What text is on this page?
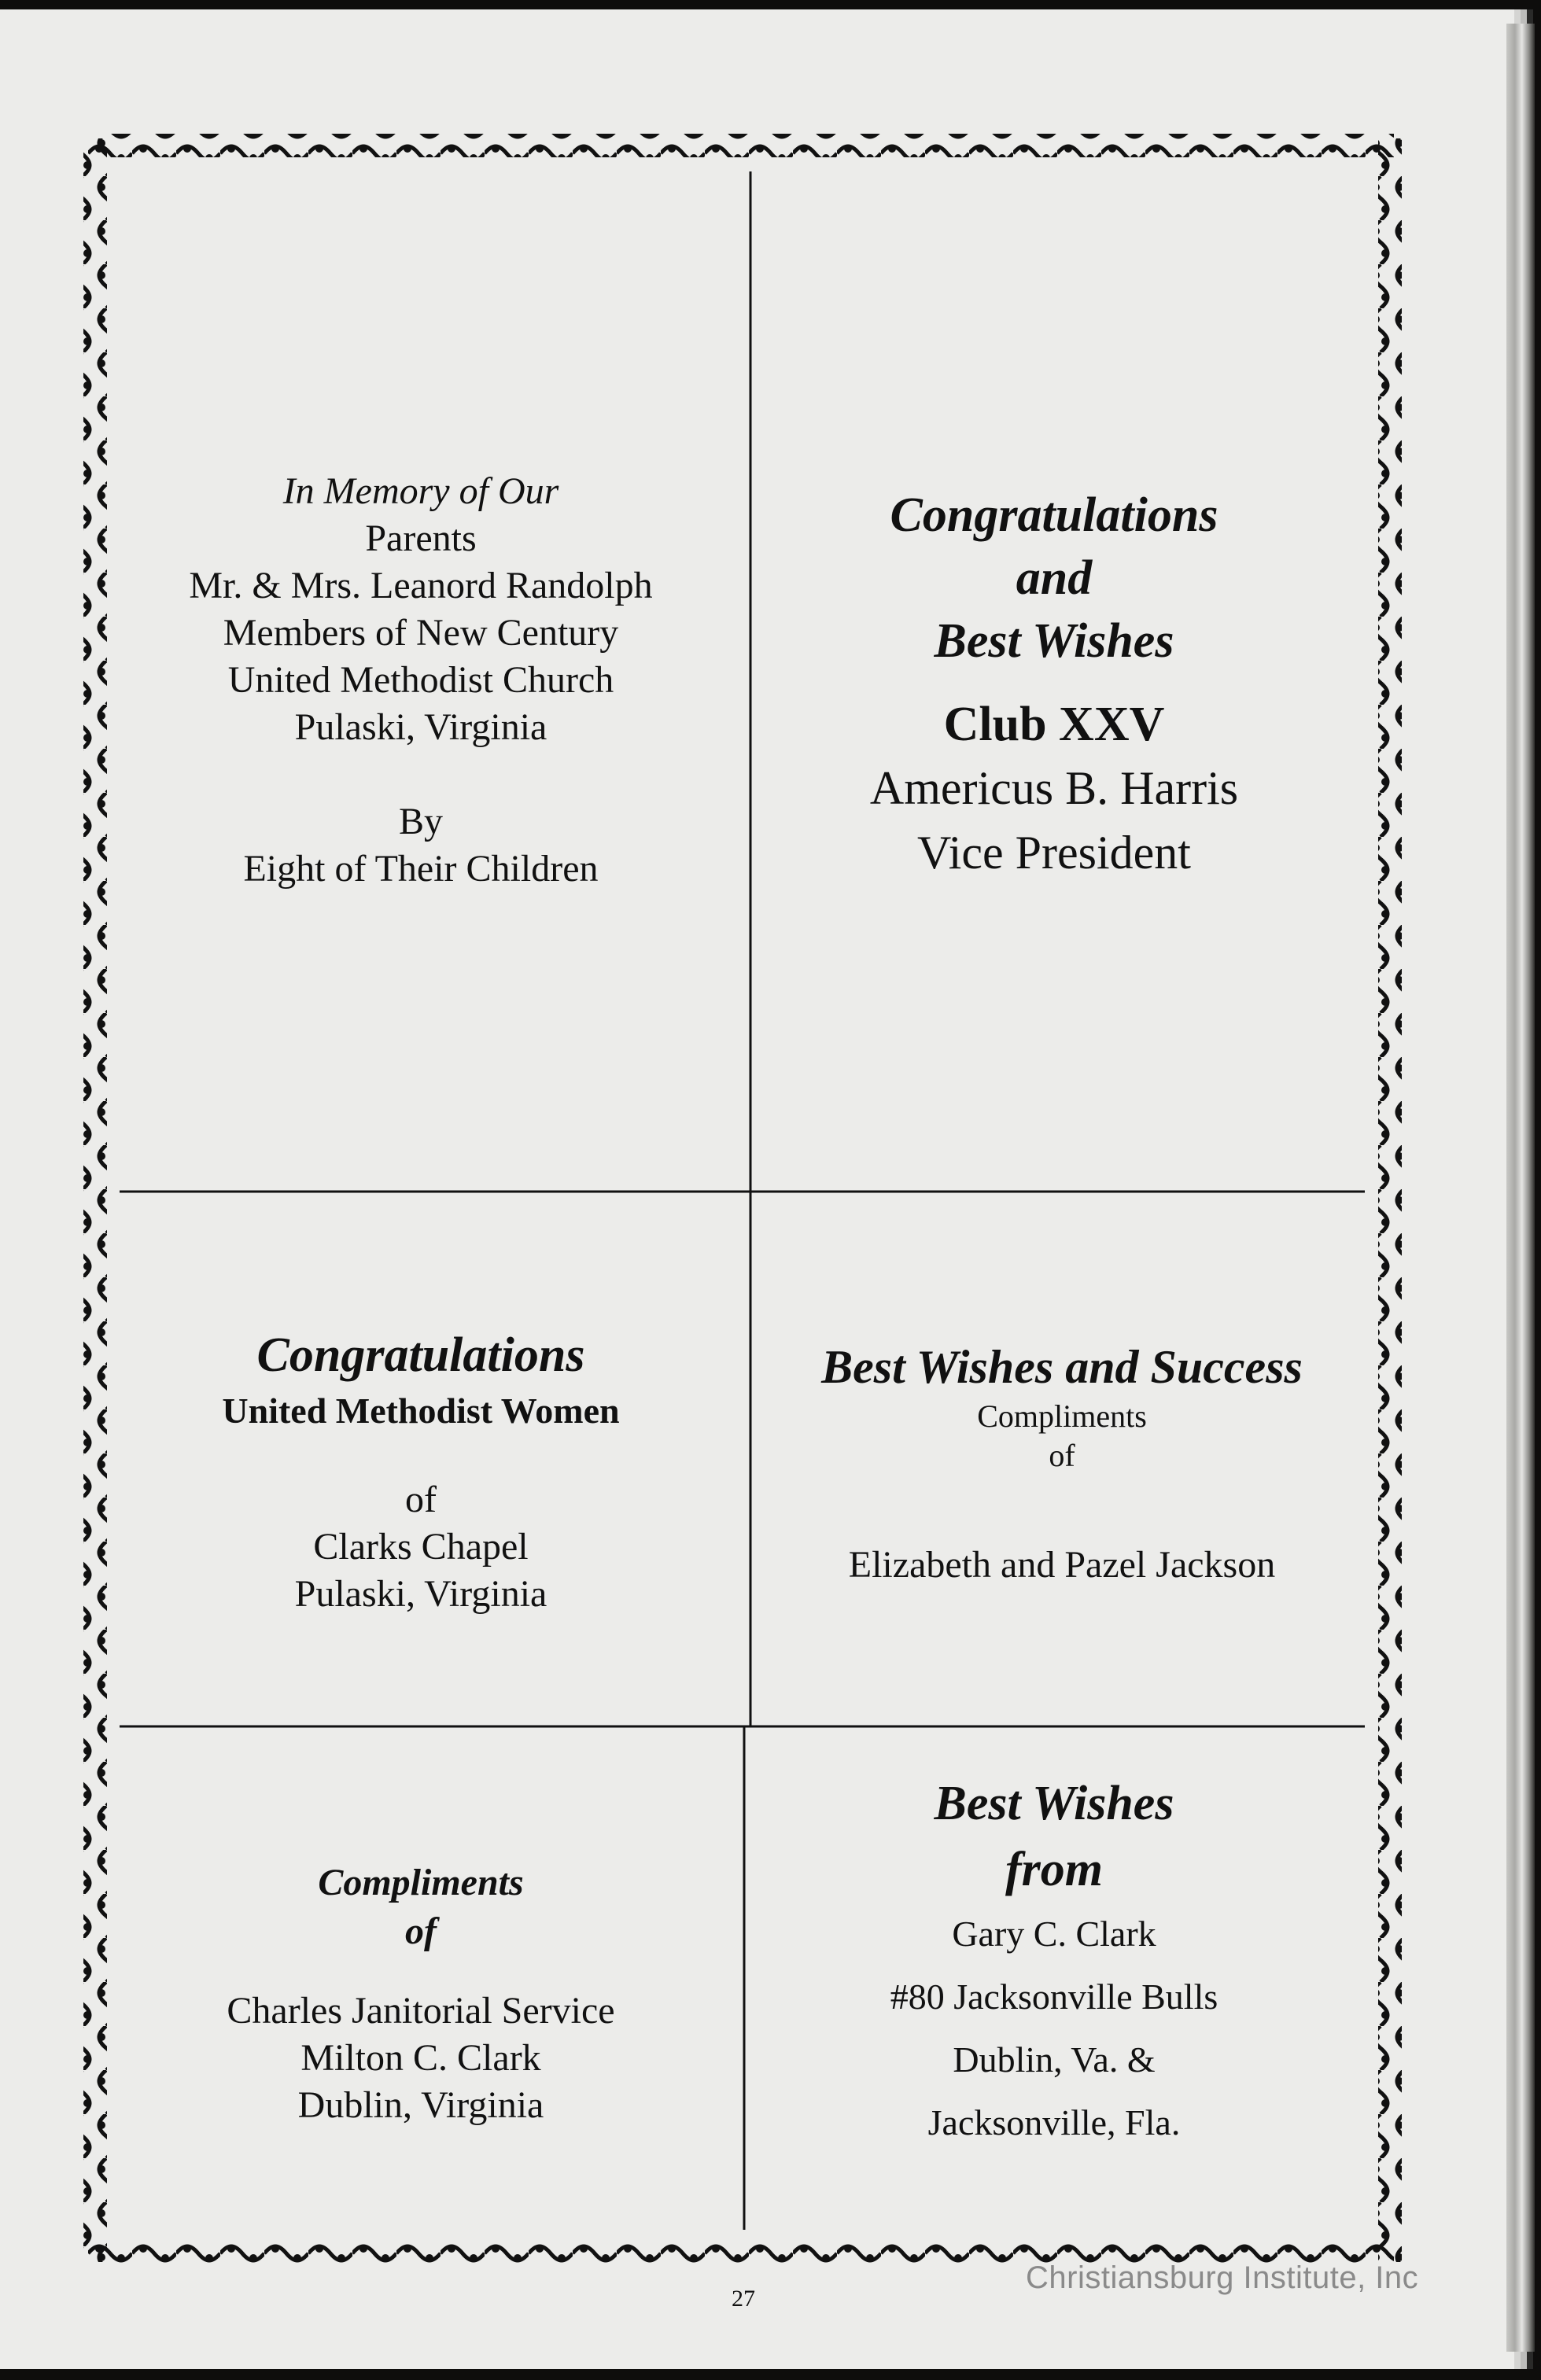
In Memory of Our
Parents
Mr. & Mrs. Leanord Randolph
Members of New Century
United Methodist Church
Pulaski, Virginia
By
Eight of Their Children
Congratulations
and
Best Wishes
Club XXV
Americus B. Harris
Vice President
Congratulations
United Methodist Women
of
Clarks Chapel
Pulaski, Virginia
Best Wishes and Success
Compliments
of
Elizabeth and Pazel Jackson
Compliments
of
Charles Janitorial Service
Milton C. Clark
Dublin, Virginia
Best Wishes
from
Gary C. Clark
#80 Jacksonville Bulls
Dublin, Va. &
Jacksonville, Fla.
27
Christiansburg Institute, Inc
